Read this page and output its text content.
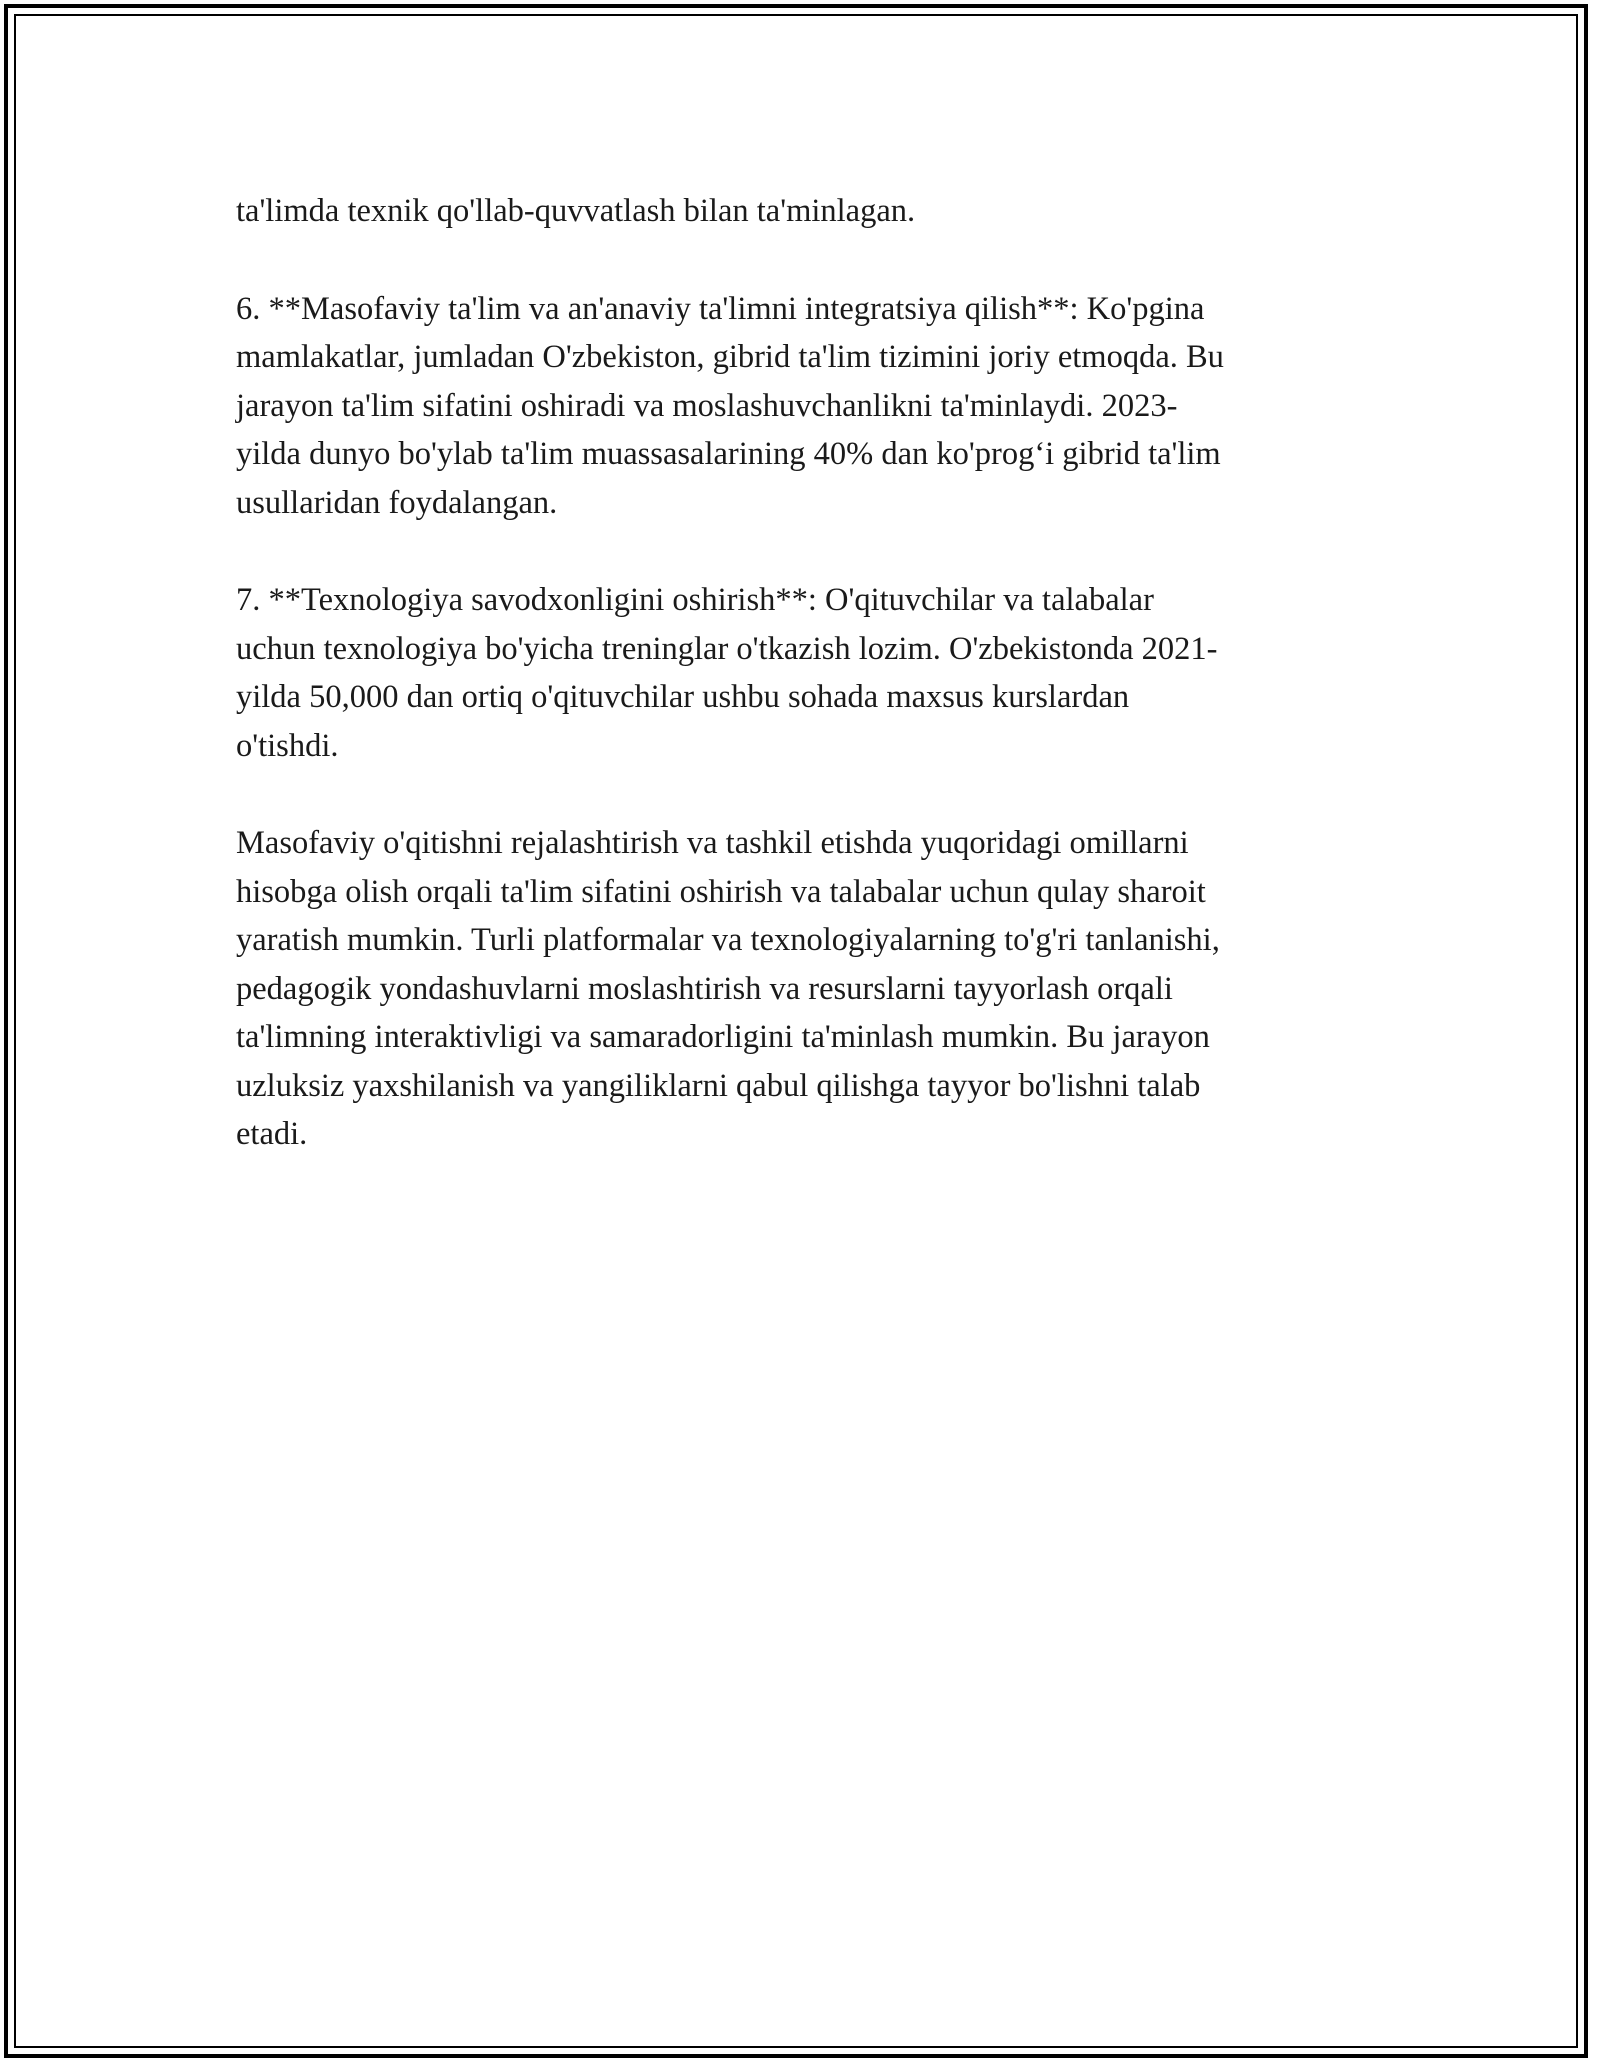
ta'limda texnik qo'llab-quvvatlash bilan ta'minlagan.

6. **Masofaviy ta'lim va an'anaviy ta'limni integratsiya qilish**: Ko'pgina
mamlakatlar, jumladan O'zbekiston, gibrid ta'lim tizimini joriy etmoqda. Bu
jarayon ta'lim sifatini oshiradi va moslashuvchanlikni ta'minlaydi. 2023-
yilda dunyo bo'ylab ta'lim muassasalarining 40% dan ko'prog‘i gibrid ta'lim
usullaridan foydalangan.

7. **Texnologiya savodxonligini oshirish**: O'qituvchilar va talabalar
uchun texnologiya bo'yicha treninglar o'tkazish lozim. O'zbekistonda 2021-
yilda 50,000 dan ortiq o'qituvchilar ushbu sohada maxsus kurslardan
o'tishdi.

Masofaviy o'qitishni rejalashtirish va tashkil etishda yuqoridagi omillarni
hisobga olish orqali ta'lim sifatini oshirish va talabalar uchun qulay sharoit
yaratish mumkin. Turli platformalar va texnologiyalarning to'g'ri tanlanishi,
pedagogik yondashuvlarni moslashtirish va resurslarni tayyorlash orqali
ta'limning interaktivligi va samaradorligini ta'minlash mumkin. Bu jarayon
uzluksiz yaxshilanish va yangiliklarni qabul qilishga tayyor bo'lishni talab
etadi.
